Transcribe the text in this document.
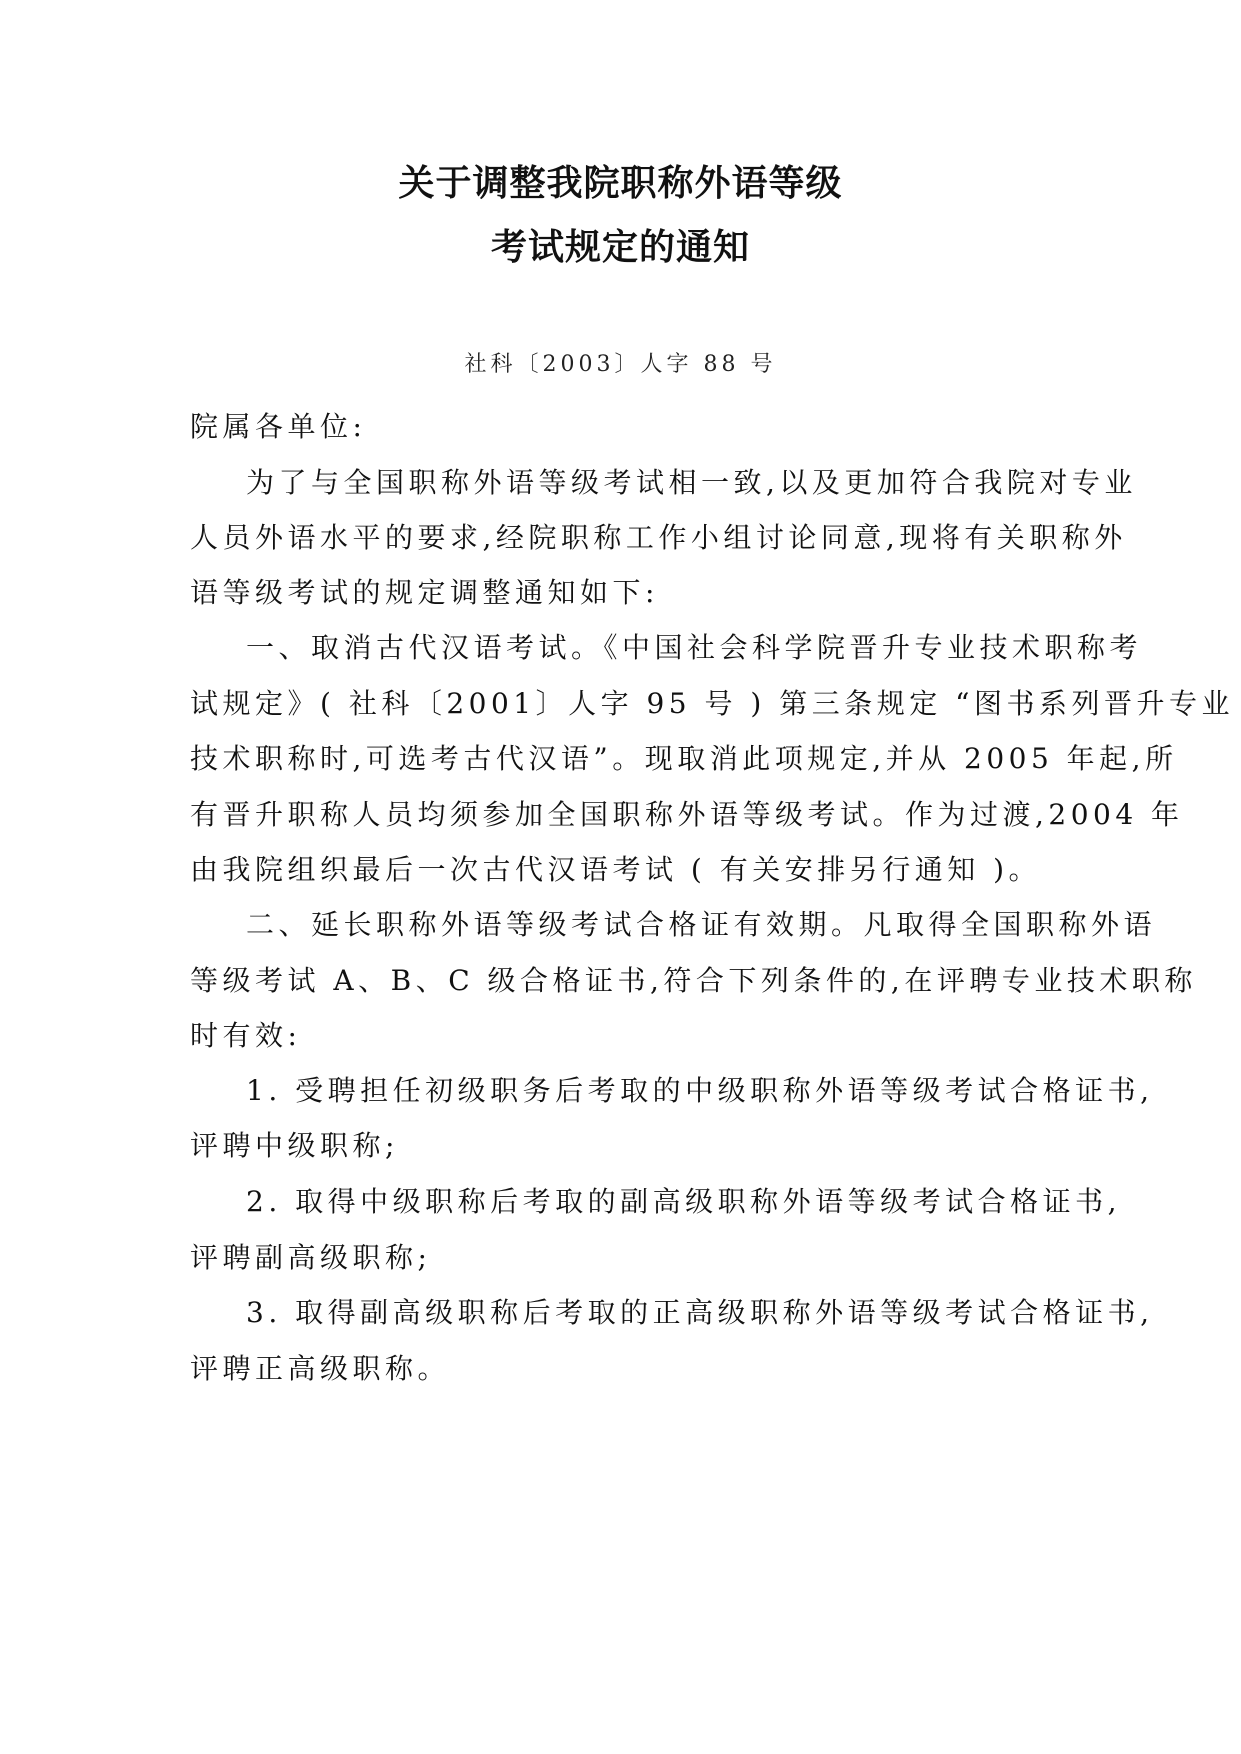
关于调整我院职称外语等级
考试规定的通知
社科〔2003〕人字 88 号
院属各单位:
为了与全国职称外语等级考试相一致,以及更加符合我院对专业
人员外语水平的要求,经院职称工作小组讨论同意,现将有关职称外
语等级考试的规定调整通知如下:
一、取消古代汉语考试。《中国社会科学院晋升专业技术职称考
试规定》( 社科〔2001〕人字 95 号 ) 第三条规定 “图书系列晋升专业
技术职称时,可选考古代汉语”。现取消此项规定,并从 2005 年起,所
有晋升职称人员均须参加全国职称外语等级考试。作为过渡,2004 年
由我院组织最后一次古代汉语考试 ( 有关安排另行通知 )。
二、延长职称外语等级考试合格证有效期。凡取得全国职称外语
等级考试 A、B、C 级合格证书,符合下列条件的,在评聘专业技术职称
时有效:
1. 受聘担任初级职务后考取的中级职称外语等级考试合格证书,
评聘中级职称;
2. 取得中级职称后考取的副高级职称外语等级考试合格证书,
评聘副高级职称;
3. 取得副高级职称后考取的正高级职称外语等级考试合格证书,
评聘正高级职称。
